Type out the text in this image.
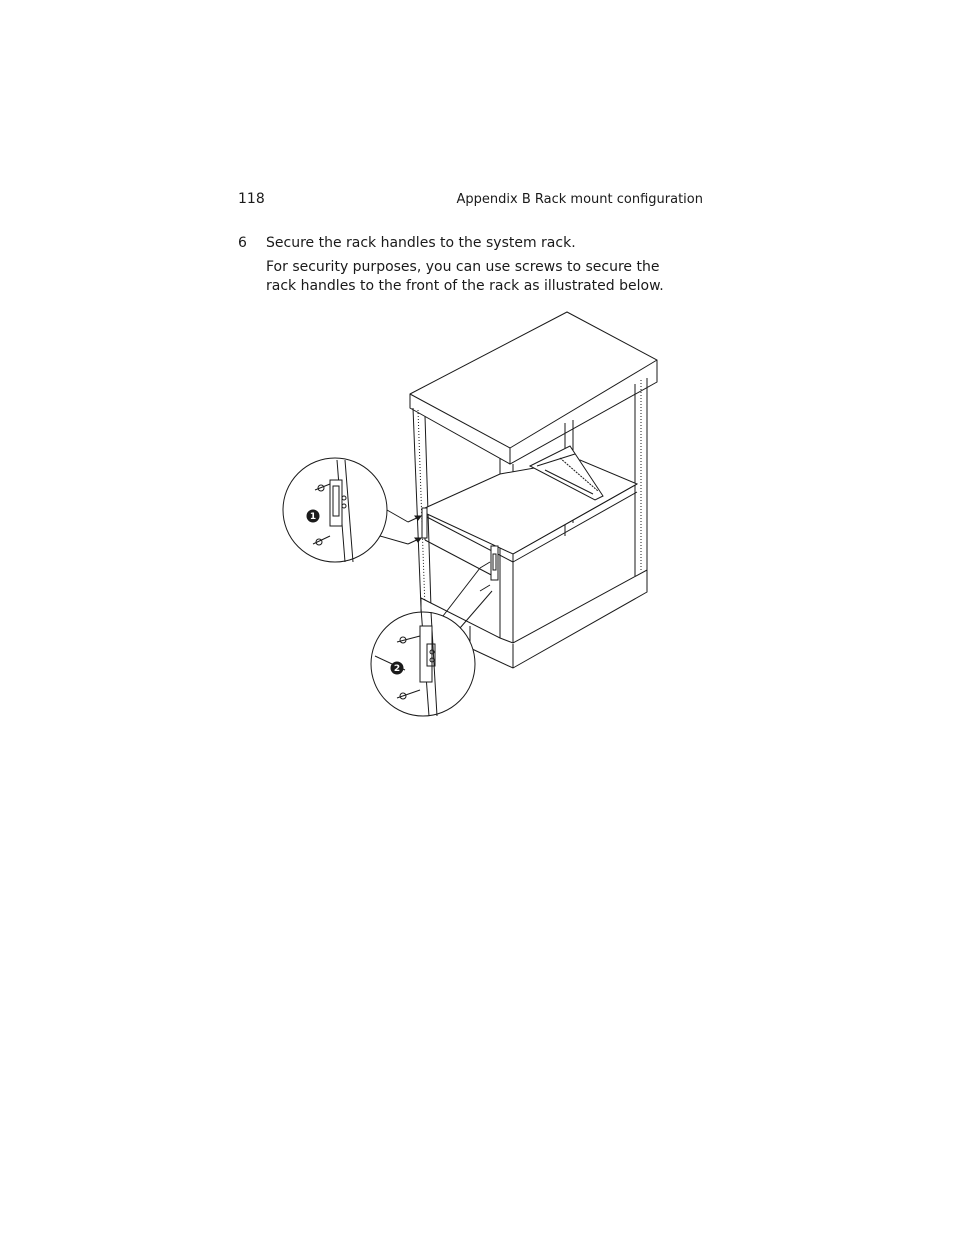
118	Appendix B Rack mount configuration
6 Secure the rack handles to the system rack.
For security purposes, you can use screws to secure the rack handles to the front of the rack as illustrated below.
1
2
